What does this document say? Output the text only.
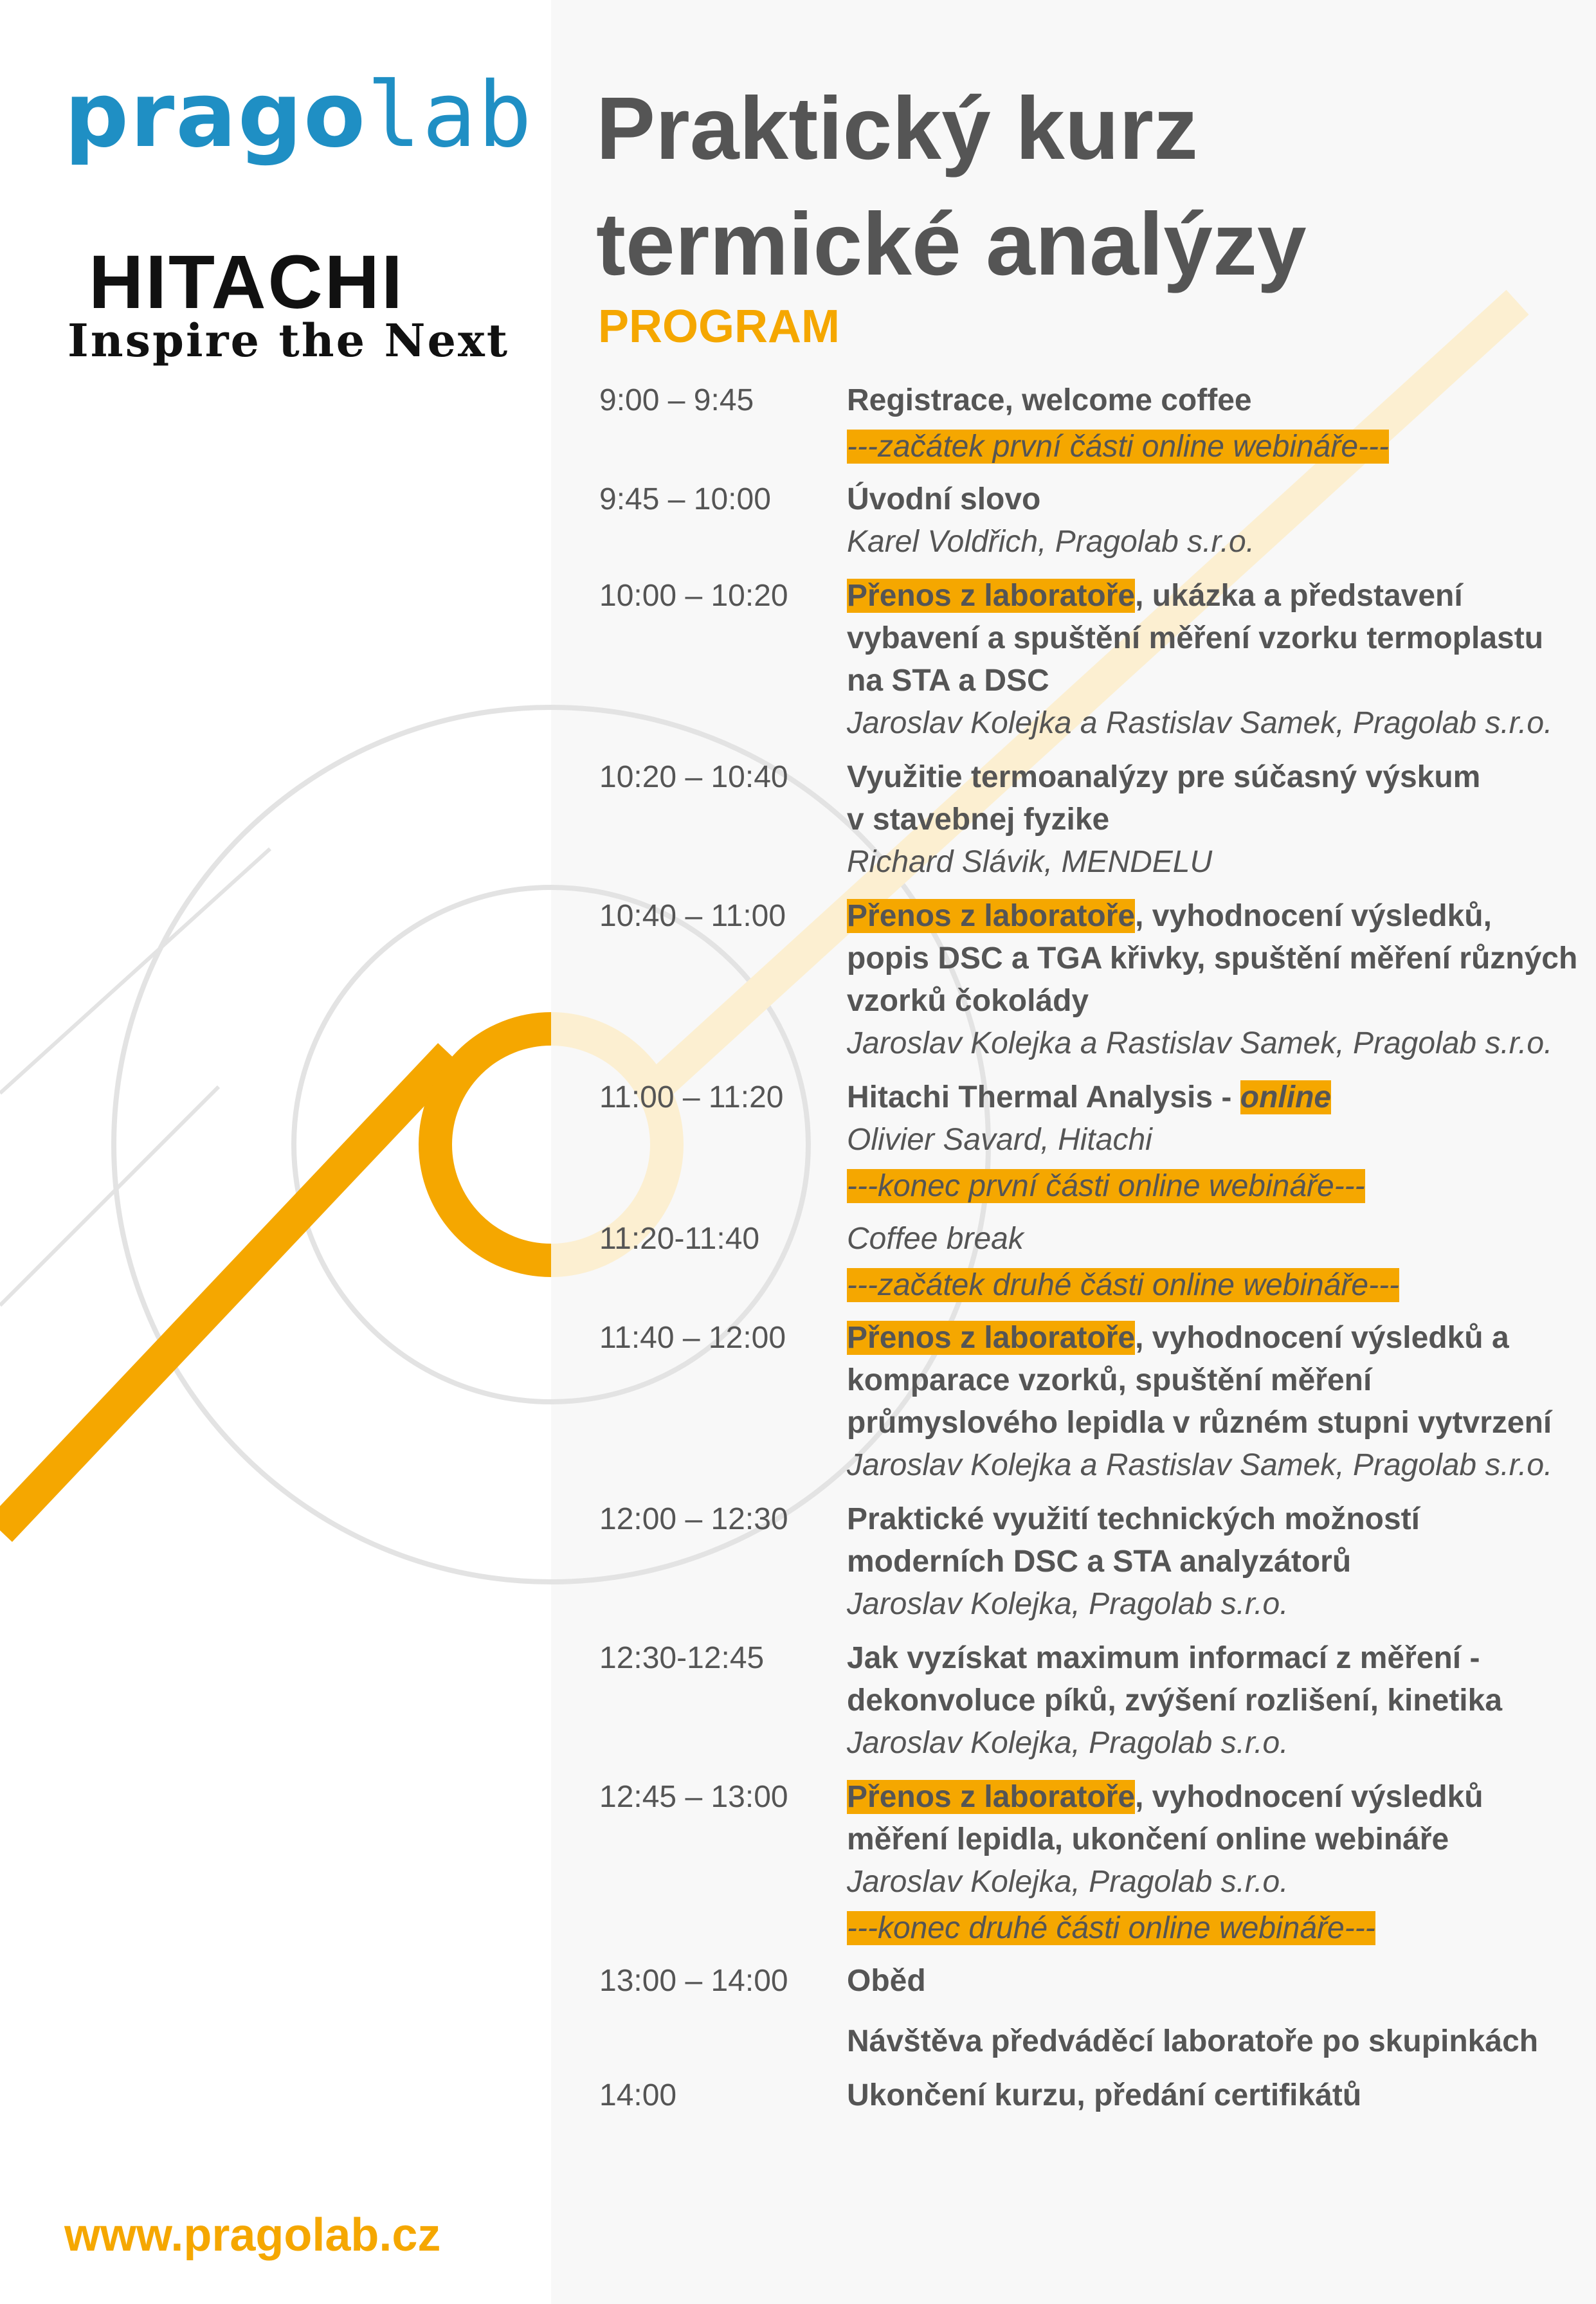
pragolab
HITACHI
Inspire the Next
www.pragolab.cz
Praktický kurz
termické analýzy
PROGRAM
9:00 – 9:45	Registrace, welcome coffee
---začátek první části online webináře---
9:45 – 10:00	Úvodní slovo
Karel Voldřich, Pragolab s.r.o.
10:00 – 10:20	Přenos z laboratoře, ukázka a představení
vybavení a spuštění měření vzorku termoplastu
na STA a DSC
Jaroslav Kolejka a Rastislav Samek, Pragolab s.r.o.
10:20 – 10:40	Využitie termoanalýzy pre súčasný výskum
v stavebnej fyzike
Richard Slávik, MENDELU
10:40 – 11:00	Přenos z laboratoře, vyhodnocení výsledků,
popis DSC a TGA křivky, spuštění měření různých
vzorků čokolády
Jaroslav Kolejka a Rastislav Samek, Pragolab s.r.o.
11:00 – 11:20	Hitachi Thermal Analysis - online
Olivier Savard, Hitachi
---konec první části online webináře---
11:20-11:40	Coffee break
---začátek druhé části online webináře---
11:40 – 12:00	Přenos z laboratoře, vyhodnocení výsledků a
komparace vzorků, spuštění měření
průmyslového lepidla v různém stupni vytvrzení
Jaroslav Kolejka a Rastislav Samek, Pragolab s.r.o.
12:00 – 12:30	Praktické využití technických možností
moderních DSC a STA analyzátorů
Jaroslav Kolejka, Pragolab s.r.o.
12:30-12:45	Jak vyzískat maximum informací z měření -
dekonvoluce píků, zvýšení rozlišení, kinetika
Jaroslav Kolejka, Pragolab s.r.o.
12:45 – 13:00	Přenos z laboratoře, vyhodnocení výsledků
měření lepidla, ukončení online webináře
Jaroslav Kolejka, Pragolab s.r.o.
---konec druhé části online webináře---
13:00 – 14:00	Oběd
Návštěva předváděcí laboratoře po skupinkách
14:00	Ukončení kurzu, předání certifikátů
